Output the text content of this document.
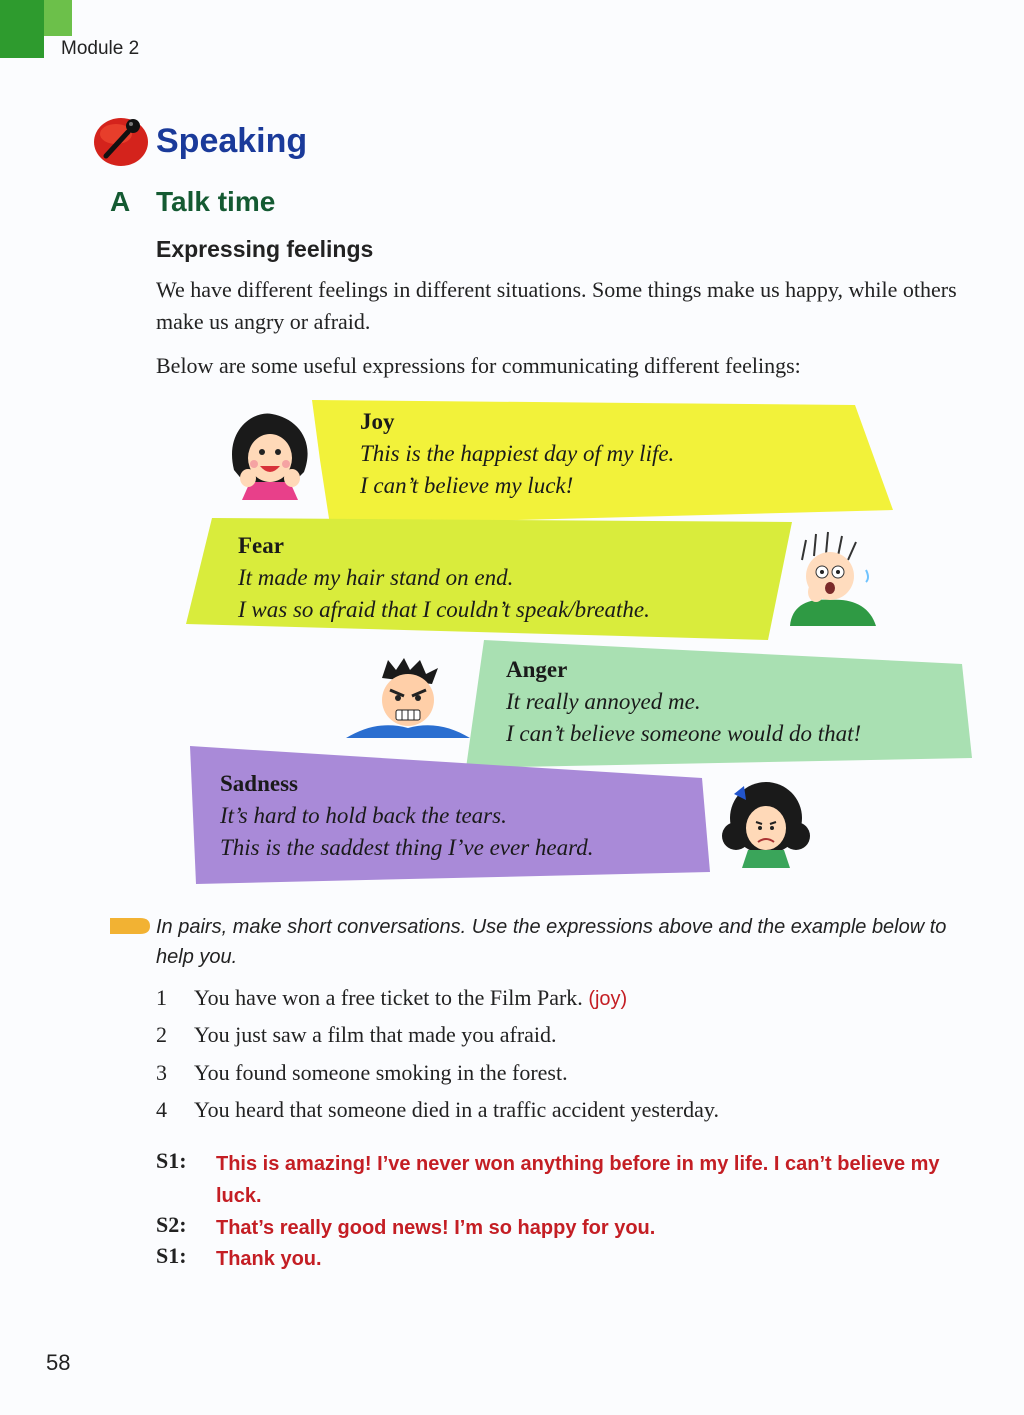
Module 2
Speaking
A Talk time
Expressing feelings
We have different feelings in different situations. Some things make us happy, while others make us angry or afraid.
Below are some useful expressions for communicating different feelings:
Joy
This is the happiest day of my life.
I can’t believe my luck!
Fear
It made my hair stand on end.
I was so afraid that I couldn’t speak/breathe.
Anger
It really annoyed me.
I can’t believe someone would do that!
Sadness
It’s hard to hold back the tears.
This is the saddest thing I’ve ever heard.
In pairs, make short conversations. Use the expressions above and the example below to help you.
1 You have won a free ticket to the Film Park. (joy)
2 You just saw a film that made you afraid.
3 You found someone smoking in the forest.
4 You heard that someone died in a traffic accident yesterday.
S1: This is amazing! I’ve never won anything before in my life. I can’t believe my luck.
S2: That’s really good news! I’m so happy for you.
S1: Thank you.
58
